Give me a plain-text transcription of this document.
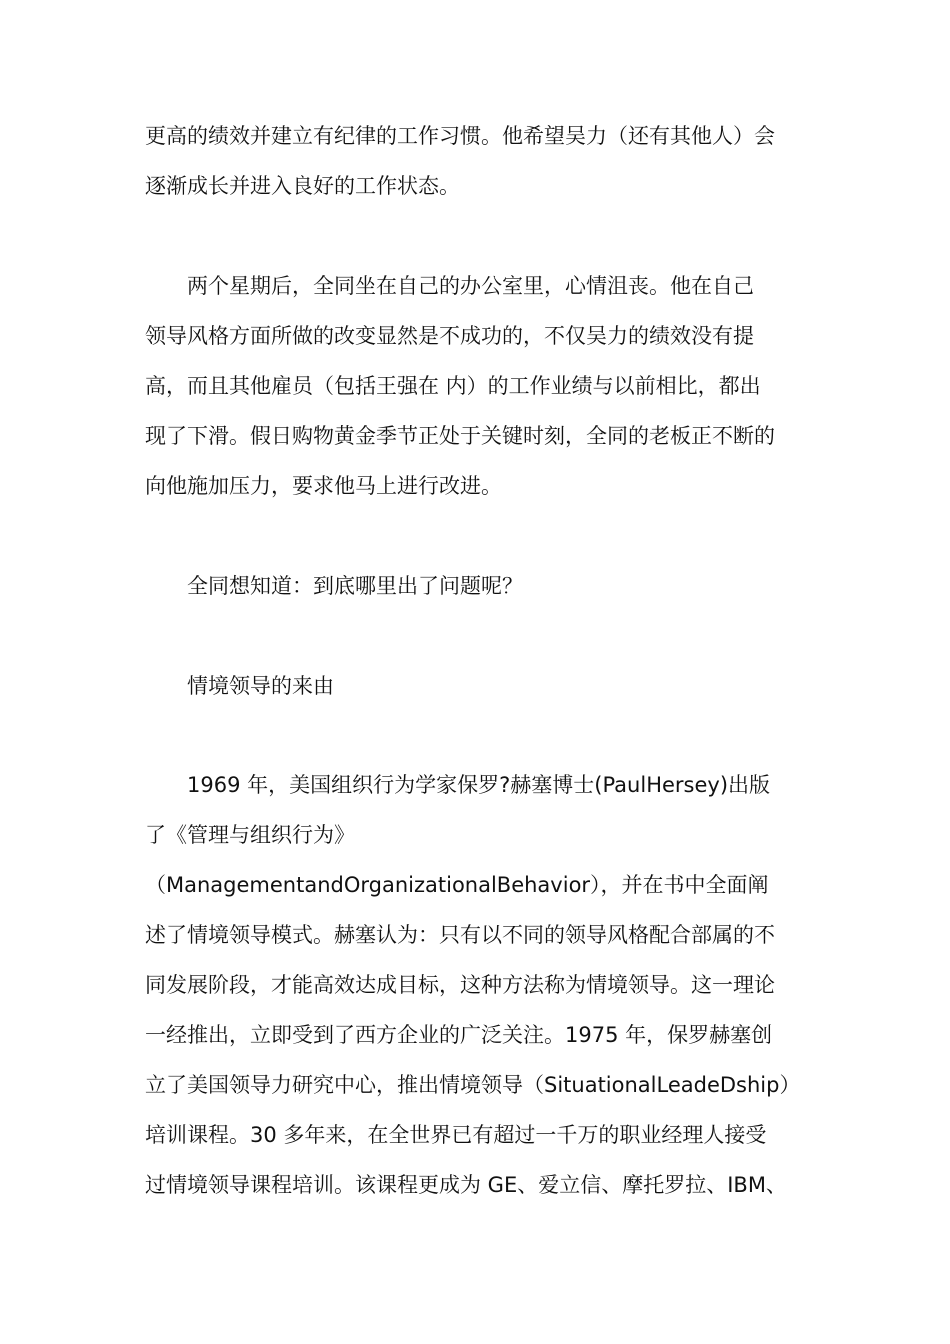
更高的绩效并建立有纪律的工作习惯。他希望吴力（还有其他人）会
逐渐成长并进入良好的工作状态。
　　两个星期后，全同坐在自己的办公室里，心情沮丧。他在自己
领导风格方面所做的改变显然是不成功的，不仅吴力的绩效没有提
高，而且其他雇员（包括王强在 内）的工作业绩与以前相比，都出
现了下滑。假日购物黄金季节正处于关键时刻，全同的老板正不断的
向他施加压力，要求他马上进行改进。
　　全同想知道：到底哪里出了问题呢？
　　情境领导的来由
　　1969 年，美国组织行为学家保罗?赫塞博士(PaulHersey)出版
了《管理与组织行为》
（ManagementandOrganizationalBehavior），并在书中全面阐
述了情境领导模式。赫塞认为：只有以不同的领导风格配合部属的不
同发展阶段，才能高效达成目标，这种方法称为情境领导。这一理论
一经推出，立即受到了西方企业的广泛关注。1975 年，保罗赫塞创
立了美国领导力研究中心，推出情境领导（SituationalLeadeDship）
培训课程。30 多年来，在全世界已有超过一千万的职业经理人接受
过情境领导课程培训。该课程更成为 GE、爱立信、摩托罗拉、IBM、
